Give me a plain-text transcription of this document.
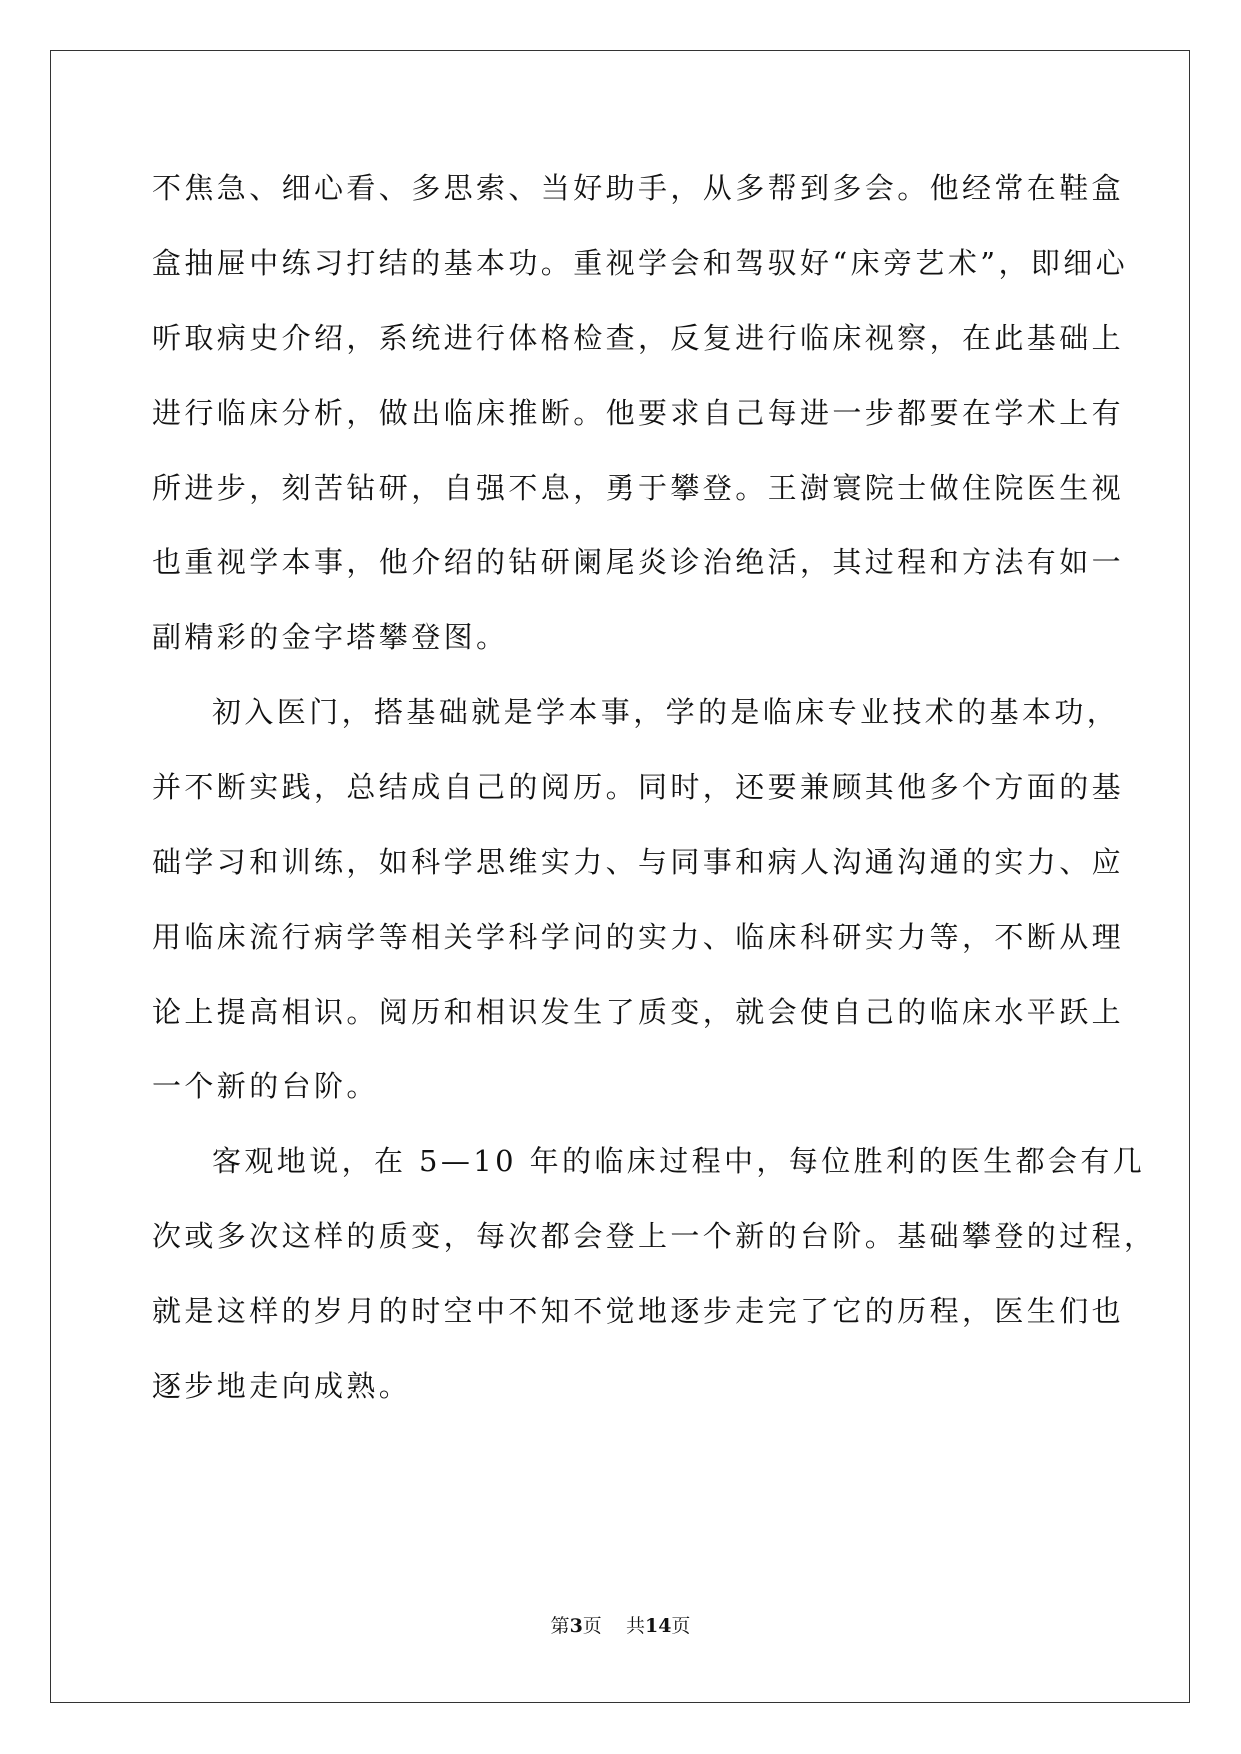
不焦急、细心看、多思索、当好助手，从多帮到多会。他经常在鞋盒
盒抽屉中练习打结的基本功。重视学会和驾驭好“床旁艺术”，即细心
听取病史介绍，系统进行体格检查，反复进行临床视察，在此基础上
进行临床分析，做出临床推断。他要求自己每进一步都要在学术上有
所进步，刻苦钻研，自强不息，勇于攀登。王澍寰院士做住院医生视
也重视学本事，他介绍的钻研阑尾炎诊治绝活，其过程和方法有如一
副精彩的金字塔攀登图。
初入医门，搭基础就是学本事，学的是临床专业技术的基本功，
并不断实践，总结成自己的阅历。同时，还要兼顾其他多个方面的基
础学习和训练，如科学思维实力、与同事和病人沟通沟通的实力、应
用临床流行病学等相关学科学问的实力、临床科研实力等，不断从理
论上提高相识。阅历和相识发生了质变，就会使自己的临床水平跃上
一个新的台阶。
客观地说，在 5—10 年的临床过程中，每位胜利的医生都会有几
次或多次这样的质变，每次都会登上一个新的台阶。基础攀登的过程，
就是这样的岁月的时空中不知不觉地逐步走完了它的历程，医生们也
逐步地走向成熟。
第3页    共14页
